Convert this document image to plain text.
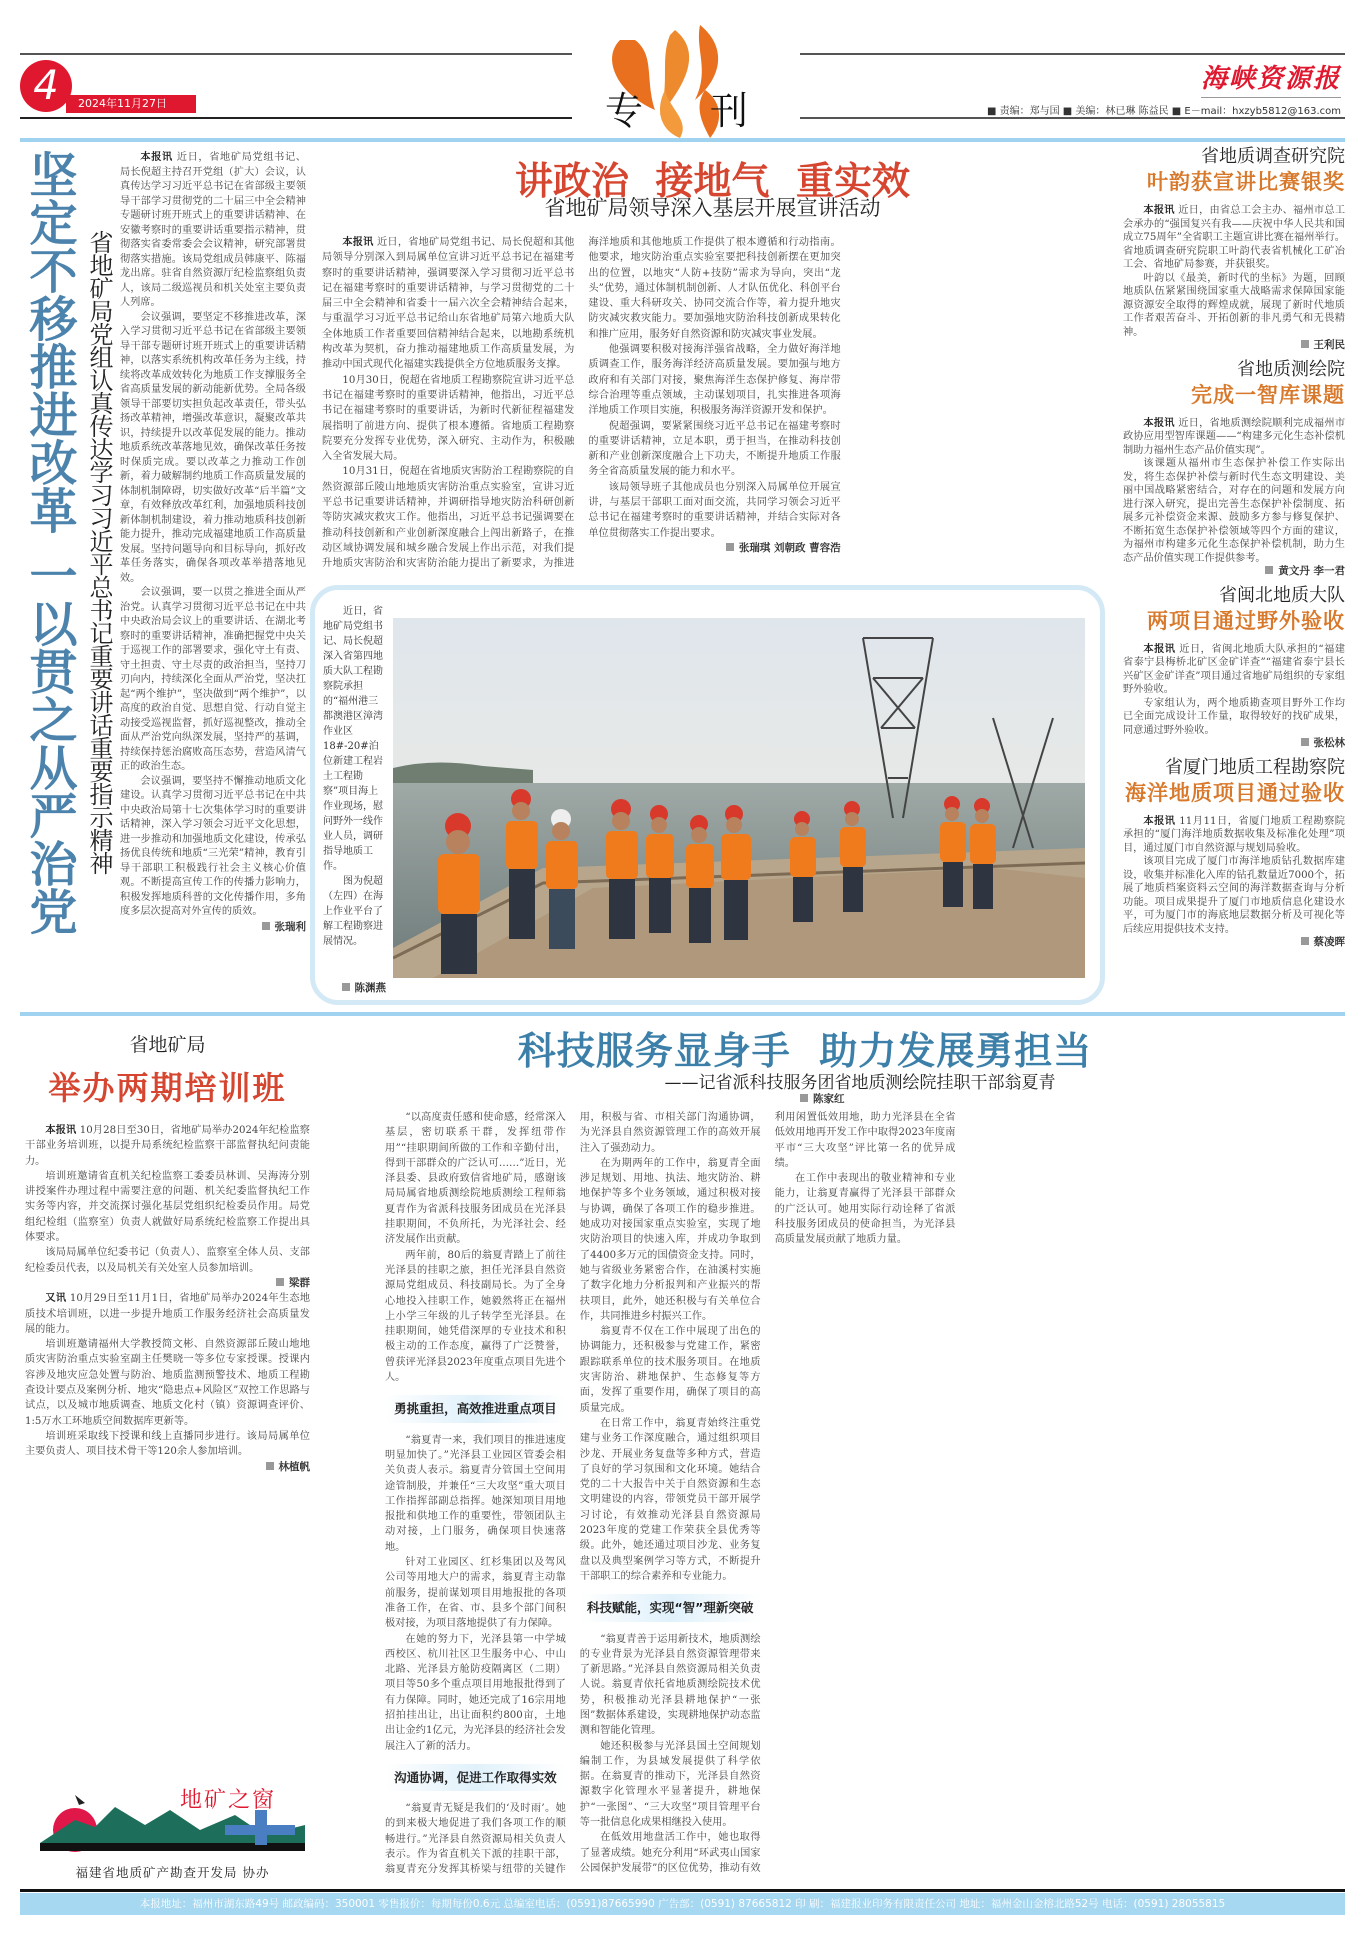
4	2024年11月27日	专 刊
海峡资源报
■ 责编：郑与国 ■ 美编：林已琳 陈益民 ■ E－mail：hxzyb5812@163.com
坚定不移推进改革 一以贯之从严治党 省地矿局党组认真传达学习习近平总书记重要讲话重要指示精神

本报讯 近日，省地矿局党组书记、局长倪超主持召开党组（扩大）会议，认真传达学习习近平总书记在省部级主要领导干部学习贯彻党的二十届三中全会精神专题研讨班开班式上的重要讲话精神、在安徽考察时的重要讲话重要指示精神，贯彻落实省委常委会会议精神，研究部署贯彻落实措施。该局党组成员韩康平、陈福龙出席。驻省自然资源厅纪检监察组负责人，该局二级巡视员和机关处室主要负责人列席。

会议强调，要坚定不移推进改革，深入学习贯彻习近平总书记在省部级主要领导干部专题研讨班开班式上的重要讲话精神，以落实系统机构改革任务为主线，持续将改革成效转化为地质工作支撑服务全省高质量发展的新动能新优势。全局各级领导干部要切实担负起改革责任，带头弘扬改革精神，增强改革意识，凝聚改革共识，持续提升以改革促发展的能力。推动地质系统改革落地见效，确保改革任务按时保质完成。要以改革之力推动工作创新，着力破解制约地质工作高质量发展的体制机制障碍，切实做好改革“后半篇”文章，有效释放改革红利，加强地质科技创新体制机制建设，着力推动地质科技创新能力提升，推动完成福建地质工作高质量发展。坚持问题导向和目标导向，抓好改革任务落实，确保各项改革举措落地见效。

会议强调，要一以贯之推进全面从严治党。认真学习贯彻习近平总书记在中共中央政治局会议上的重要讲话、在湖北考察时的重要讲话精神，准确把握党中央关于巡视工作的部署要求，强化守土有责、守土担责、守土尽责的政治担当，坚持刀刃向内，持续深化全面从严治党，坚决扛起“两个维护”，坚决做到“两个维护”，以高度的政治自觉、思想自觉、行动自觉主动接受巡视监督，抓好巡视整改，推动全面从严治党向纵深发展，坚持严的基调，持续保持惩治腐败高压态势，营造风清气正的政治生态。

会议强调，要坚持不懈推动地质文化建设。认真学习贯彻习近平总书记在中共中央政治局第十七次集体学习时的重要讲话精神，深入学习领会习近平文化思想，进一步推动和加强地质文化建设，传承弘扬优良传统和地质“三光荣”精神，教育引导干部职工积极践行社会主义核心价值观。不断提高宣传工作的传播力影响力，积极发挥地质科普的文化传播作用，多角度多层次提高对外宣传的质效。

张瑞利
讲政治  接地气  重实效
省地矿局领导深入基层开展宣讲活动

本报讯 近日，省地矿局党组书记、局长倪超和其他局领导分别深入到局属单位宣讲习近平总书记在福建考察时的重要讲话精神，强调要深入学习贯彻习近平总书记在福建考察时的重要讲话精神，与学习贯彻党的二十届三中全会精神和省委十一届六次全会精神结合起来，与重温学习习近平总书记给山东省地矿局第六地质大队全体地质工作者重要回信精神结合起来，以地勘系统机构改革为契机，奋力推动福建地质工作高质量发展，为推动中国式现代化福建实践提供全方位地质服务支撑。

10月30日，倪超在省地质工程勘察院宣讲习近平总书记在福建考察时的重要讲话精神，他指出，习近平总书记在福建考察时的重要讲话，为新时代新征程福建发展指明了前进方向、提供了根本遵循。省地质工程勘察院要充分发挥专业优势，深入研究、主动作为，积极融入全省发展大局。

10月31日，倪超在省地质灾害防治工程勘察院的自然资源部丘陵山地地质灾害防治重点实验室，宣讲习近平总书记重要讲话精神，并调研指导地灾防治科研创新等防灾减灾救灾工作。他指出，习近平总书记强调要在推动科技创新和产业创新深度融合上闯出新路子，在推动区域协调发展和城乡融合发展上作出示范，对我们提升地质灾害防治和灾害防治能力提出了新要求，为推进海洋地质和其他地质工作提供了根本遵循和行动指南。他要求，地灾防治重点实验室要把科技创新摆在更加突出的位置，以地灾“人防+技防”需求为导向，突出“龙头”优势，通过体制机制创新、人才队伍优化、科创平台建设、重大科研攻关、协同交流合作等，着力提升地灾防灾减灾救灾能力。要加强地灾防治科技创新成果转化和推广应用，服务好自然资源和防灾减灾事业发展。

他强调要积极对接海洋强省战略，全力做好海洋地质调查工作，服务海洋经济高质量发展。要加强与地方政府和有关部门对接，聚焦海洋生态保护修复、海岸带综合治理等重点领域，主动谋划项目，扎实推进各项海洋地质工作项目实施，积极服务海洋资源开发和保护。

倪超强调，要紧紧围绕习近平总书记在福建考察时的重要讲话精神，立足本职，勇于担当，在推动科技创新和产业创新深度融合上下功夫，不断提升地质工作服务全省高质量发展的能力和水平。

该局领导班子其他成员也分别深入局属单位开展宣讲，与基层干部职工面对面交流，共同学习领会习近平总书记在福建考察时的重要讲话精神，并结合实际对各单位贯彻落实工作提出要求。

张瑞琪 刘朝政 曹容浩

近日，省地矿局党组书记、局长倪超深入省第四地质大队工程勘察院承担的“福州港三都澳港区漳湾作业区18#-20#泊位新建工程岩土工程勘察”项目海上作业现场，慰问野外一线作业人员，调研指导地质工作。

图为倪超（左四）在海上作业平台了解工程勘察进展情况。

陈渊燕
省地质调查研究院
叶韵获宣讲比赛银奖

本报讯 近日，由省总工会主办、福州市总工会承办的“强国复兴有我——庆祝中华人民共和国成立75周年”全省职工主题宣讲比赛在福州举行。省地质调查研究院职工叶韵代表省机械化工矿冶工会、省地矿局参赛，并获银奖。

叶韵以《最美，新时代的坐标》为题，回顾地质队伍紧紧围绕国家重大战略需求保障国家能源资源安全取得的辉煌成就，展现了新时代地质工作者艰苦奋斗、开拓创新的非凡勇气和无畏精神。

王利民
省地质测绘院
完成一智库课题

本报讯 近日，省地质测绘院顺利完成福州市政协应用型智库课题——“构建多元化生态补偿机制助力福州生态产品价值实现”。

该课题从福州市生态保护补偿工作实际出发，将生态保护补偿与新时代生态文明建设、美丽中国战略紧密结合，对存在的问题和发展方向进行深入研究，提出完善生态保护补偿制度、拓展多元补偿资金来源、鼓励多方参与修复保护、不断拓宽生态保护补偿领域等四个方面的建议，为福州市构建多元化生态保护补偿机制，助力生态产品价值实现工作提供参考。

黄文丹 李一君
省闽北地质大队
两项目通过野外验收

本报讯 近日，省闽北地质大队承担的“福建省泰宁县梅桥北矿区金矿详查”“福建省泰宁县长兴矿区金矿详查”项目通过省地矿局组织的专家组野外验收。

专家组认为，两个地质勘查项目野外工作均已全面完成设计工作量，取得较好的找矿成果，同意通过野外验收。

张松林
省厦门地质工程勘察院
海洋地质项目通过验收

本报讯 11月11日，省厦门地质工程勘察院承担的“厦门海洋地质数据收集及标准化处理”项目，通过厦门市自然资源与规划局验收。

该项目完成了厦门市海洋地质钻孔数据库建设，收集并标准化入库的钻孔数量近7000个，拓展了地质档案资料云空间的海洋数据查询与分析功能。项目成果提升了厦门市地质信息化建设水平，可为厦门市的海底地层数据分析及可视化等后续应用提供技术支持。

蔡凌晖
省地矿局
举办两期培训班

本报讯 10月28日至30日，省地矿局举办2024年纪检监察干部业务培训班，以提升局系统纪检监察干部监督执纪问责能力。

培训班邀请省直机关纪检监察工委委员林训、吴海涛分别讲授案件办理过程中需要注意的问题、机关纪委监督执纪工作实务等内容，并交流探讨强化基层党组织纪检委员作用。局党组纪检组（监察室）负责人就做好局系统纪检监察工作提出具体要求。

该局局属单位纪委书记（负责人）、监察室全体人员、支部纪检委员代表，以及局机关有关处室人员参加培训。

梁群

又讯 10月29日至11月1日，省地矿局举办2024年生态地质技术培训班，以进一步提升地质工作服务经济社会高质量发展的能力。

培训班邀请福州大学教授简文彬、自然资源部丘陵山地地质灾害防治重点实验室副主任樊晓一等多位专家授课。授课内容涉及地灾应急处置与防治、地质监测预警技术、地质工程勘查设计要点及案例分析、地灾“隐患点+风险区”双控工作思路与试点，以及城市地质调查、地质文化村（镇）资源调查评价、1:5万水工环地质空间数据库更新等。

培训班采取线下授课和线上直播同步进行。该局局属单位主要负责人、项目技术骨干等120余人参加培训。

林植帆
地矿之窗
福建省地质矿产勘查开发局 协办
科技服务显身手  助力发展勇担当
——记省派科技服务团省地质测绘院挂职干部翁夏青
陈家红

“以高度责任感和使命感，经常深入基层，密切联系干群，发挥纽带作用”“挂职期间所做的工作和辛勤付出，得到干部群众的广泛认可……”近日，光泽县委、县政府致信省地矿局，感谢该局局属省地质测绘院地质测绘工程师翁夏青作为省派科技服务团成员在光泽县挂职期间，不负所托，为光泽社会、经济发展作出贡献。

两年前，80后的翁夏青踏上了前往光泽县的挂职之旅，担任光泽县自然资源局党组成员、科技副局长。为了全身心地投入挂职工作，她毅然将正在福州上小学三年级的儿子转学至光泽县。在挂职期间，她凭借深厚的专业技术和积极主动的工作态度，赢得了广泛赞誉，曾获评光泽县2023年度重点项目先进个人。

勇挑重担，高效推进重点项目

“翁夏青一来，我们项目的推进速度明显加快了。”光泽县工业园区管委会相关负责人表示。翁夏青分管国土空间用途管制股，并兼任“三大攻坚”重大项目工作指挥部副总指挥。她深知项目用地报批和供地工作的重要性，带领团队主动对接，上门服务，确保项目快速落地。

针对工业园区、红杉集团以及驾风公司等用地大户的需求，翁夏青主动靠前服务，提前谋划项目用地报批的各项准备工作，在省、市、县多个部门间积极对接，为项目落地提供了有力保障。

在她的努力下，光泽县第一中学城西校区、杭川社区卫生服务中心、中山北路、光泽县方舱防疫隔离区（二期）项目等50多个重点项目用地报批得到了有力保障。同时，她还完成了16宗用地招拍挂出让，出让面积约800亩，土地出让金约1亿元，为光泽县的经济社会发展注入了新的活力。

沟通协调，促进工作取得实效

“翁夏青无疑是我们的‘及时雨’。她的到来极大地促进了我们各项工作的顺畅进行。”光泽县自然资源局相关负责人表示。作为省直机关下派的挂职干部，翁夏青充分发挥其桥梁与纽带的关键作用，积极与省、市相关部门沟通协调，为光泽县自然资源管理工作的高效开展注入了强劲动力。

在为期两年的工作中，翁夏青全面涉足规划、用地、执法、地灾防治、耕地保护等多个业务领域，通过积极对接与协调，确保了各项工作的稳步推进。她成功对接国家重点实验室，实现了地灾防治项目的快速入库，并成功争取到了4400多万元的国债资金支持。同时，她与省级业务紧密合作，在油溪村实施了数字化地力分析报判和产业振兴的帮扶项目，此外，她还积极与有关单位合作，共同推进乡村振兴工作。

翁夏青不仅在工作中展现了出色的协调能力，还积极参与党建工作，紧密跟踪联系单位的技术服务项目。在地质灾害防治、耕地保护、生态修复等方面，发挥了重要作用，确保了项目的高质量完成。

在日常工作中，翁夏青始终注重党建与业务工作深度融合，通过组织项目沙龙、开展业务复盘等多种方式，营造了良好的学习氛围和文化环境。她结合党的二十大报告中关于自然资源和生态文明建设的内容，带领党员干部开展学习讨论，有效推动光泽县自然资源局2023年度的党建工作荣获全县优秀等级。此外，她还通过项目沙龙、业务复盘以及典型案例学习等方式，不断提升干部职工的综合素养和专业能力。

科技赋能，实现“智”理新突破

“翁夏青善于运用新技术，地质测绘的专业背景为光泽县自然资源管理带来了新思路。”光泽县自然资源局相关负责人说。翁夏青依托省地质测绘院技术优势，积极推动光泽县耕地保护“一张图”数据体系建设，实现耕地保护动态监测和智能化管理。

她还积极参与光泽县国土空间规划编制工作，为县域发展提供了科学依据。在翁夏青的推动下，光泽县自然资源数字化管理水平显著提升，耕地保护“一张图”、“三大攻坚”项目管理平台等一批信息化成果相继投入使用。

在低效用地盘活工作中，她也取得了显著成绩。她充分利用“环武夷山国家公园保护发展带”的区位优势，推动有效利用闲置低效用地，助力光泽县在全省低效用地再开发工作中取得2023年度南平市“三大攻坚”评比第一名的优异成绩。

在工作中表现出的敬业精神和专业能力，让翁夏青赢得了光泽县干部群众的广泛认可。她用实际行动诠释了省派科技服务团成员的使命担当，为光泽县高质量发展贡献了地质力量。

本报地址：福州市湖东路49号 邮政编码：350001 零售报价：每期每份0.6元 总编室电话：(0591)87665990 广告部：(0591) 87665812 印 刷：福建报业印务有限责任公司 地址：福州金山金榕北路52号 电话：(0591) 28055815
